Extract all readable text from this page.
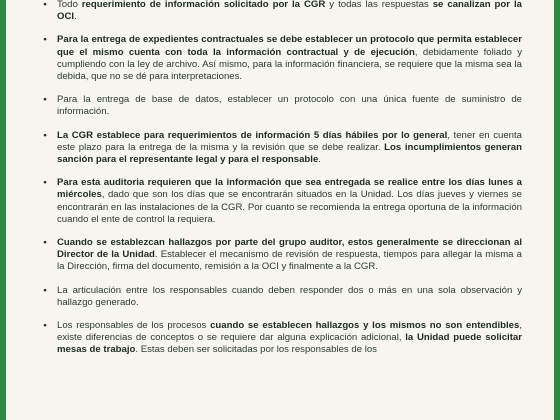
•	Todo requerimiento de información solicitado por la CGR y todas las respuestas se canalizan por la OCI.
•	Para la entrega de expedientes contractuales se debe establecer un protocolo que permita establecer que el mismo cuenta con toda la información contractual y de ejecución, debidamente foliado y cumpliendo con la ley de archivo. Así mismo, para la información financiera, se requiere que la misma sea la debida, que no se dé para interpretaciones.
•	Para la entrega de base de datos, establecer un protocolo con una única fuente de suministro de información.
•	La CGR establece para requerimientos de información 5 días hábiles por lo general, tener en cuenta este plazo para la entrega de la misma y la revisión que se debe realizar. Los incumplimientos generan sanción para el representante legal y para el responsable.
•	Para esta auditoria requieren que la información que sea entregada se realice entre los días lunes a miércoles, dado que son los días que se encontrarán situados en la Unidad. Los días jueves y viernes se encontrarán en las instalaciones de la CGR. Por cuanto se recomienda la entrega oportuna de la información cuando el ente de control la requiera.
•	Cuando se establezcan hallazgos por parte del grupo auditor, estos generalmente se direccionan al Director de la Unidad. Establecer el mecanismo de revisión de respuesta, tiempos para allegar la misma a la Dirección, firma del documento, remisión a la OCI y finalmente a la CGR.
•	La articulación entre los responsables cuando deben responder dos o más en una sola observación y hallazgo generado.
•	Los responsables de los procesos cuando se establecen hallazgos y los mismos no son entendibles, existe diferencias de conceptos o se requiere dar alguna explicación adicional, la Unidad puede solicitar mesas de trabajo. Estas deben ser solicitadas por los responsables de los
